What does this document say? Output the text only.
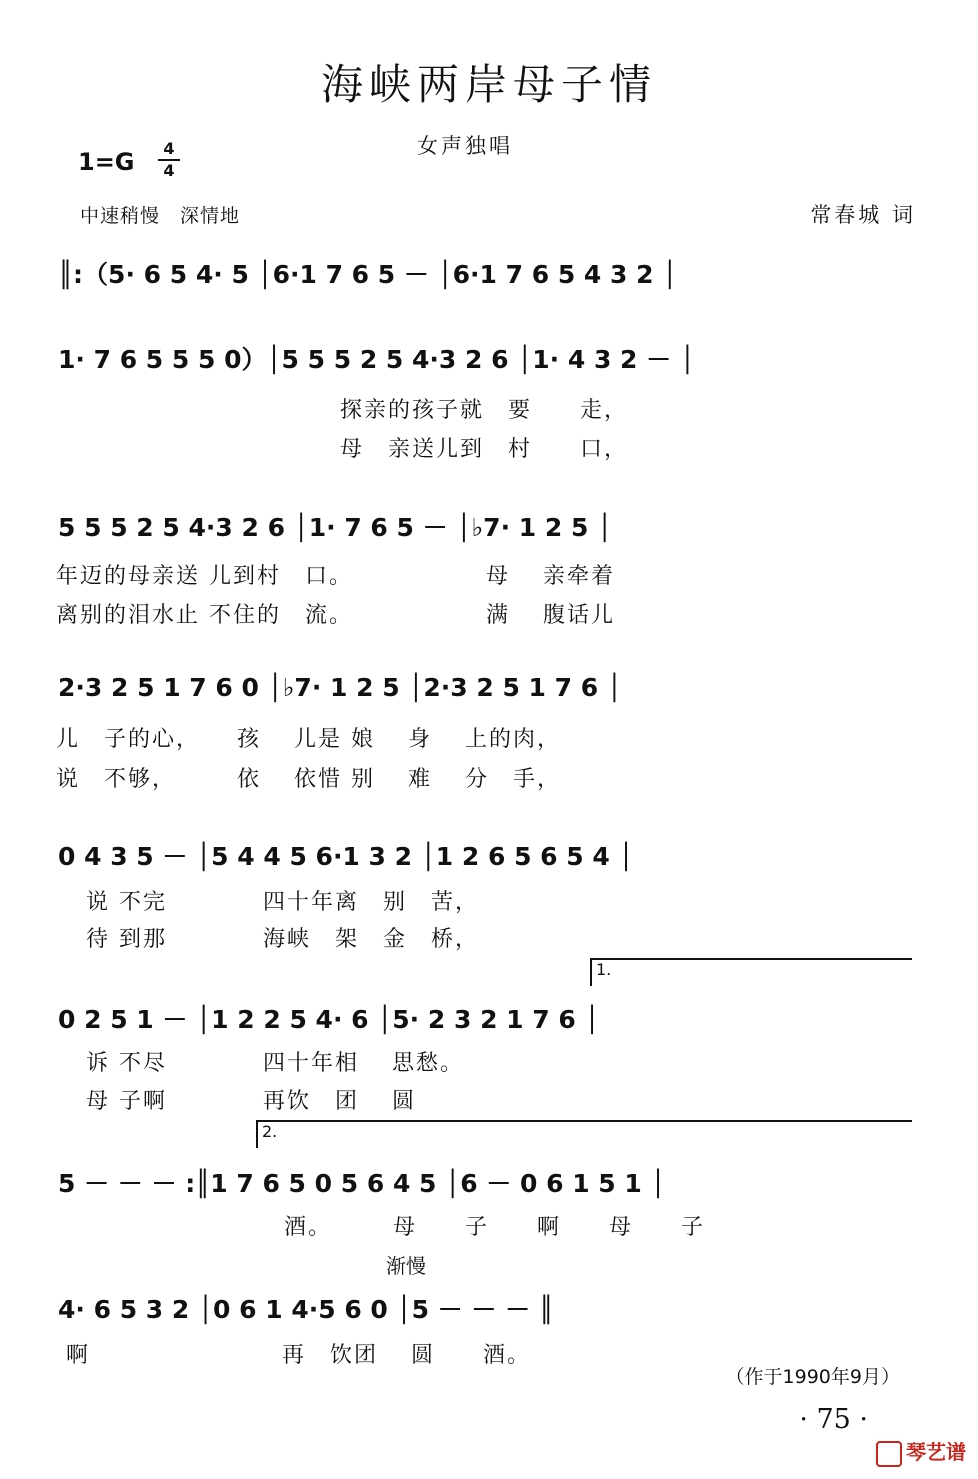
海峡两岸母子情
女声独唱
1=G	4
4
中速稍慢　深情地	常春城 词
║:（5· 6 5 4· 5 │6·1 7 6 5 － │6·1 7 6 5 4 3 2 │
1· 7 6 5 5 5 0）│5 5 5 2 5 4·3 2 6 │1· 4 3 2 － │
探亲的孩子就　要　　走，
母　亲送儿到　村　　口，
5 5 5 2 5 4·3 2 6 │1· 7 6 5 － │♭7· 1 2 5 │
年迈的母亲送 儿到村　口。　　　　　　母　 亲牵着
离别的泪水止 不住的　流。　　　　　　满　 腹话儿
2·3 2 5 1 7 6 0 │♭7· 1 2 5 │2·3 2 5 1 7 6 │
儿　子的心，　　孩　 儿是 娘　 身　 上的肉，
说　不够，　　　依　 依惜 别　 难　 分　手，
0 4 3 5 － │5 4 4 5 6·1 3 2 │1 2 6 5 6 5 4 │
说 不完　　　　四十年离　别　苦，
待 到那　　　　海峡　架　金　桥，
1.
0 2 5 1 － │1 2 2 5 4· 6 │5· 2 3 2 1 7 6 │
诉 不尽　　　　四十年相　 思愁。
母 子啊　　　　再饮　团　 圆
2.
5 － － － :║1 7 6 5 0 5 6 4 5 │6 － 0 6 1 5 1 │
酒。　　　母　　子　　啊　　母　　子
渐慢
4· 6 5 3 2 │0 6 1 4·5 6 0 │5 － － － ║
啊　　　　　　　　再　饮团　 圆　　酒。
（作于1990年9月）
· 75 ·
琴艺谱
